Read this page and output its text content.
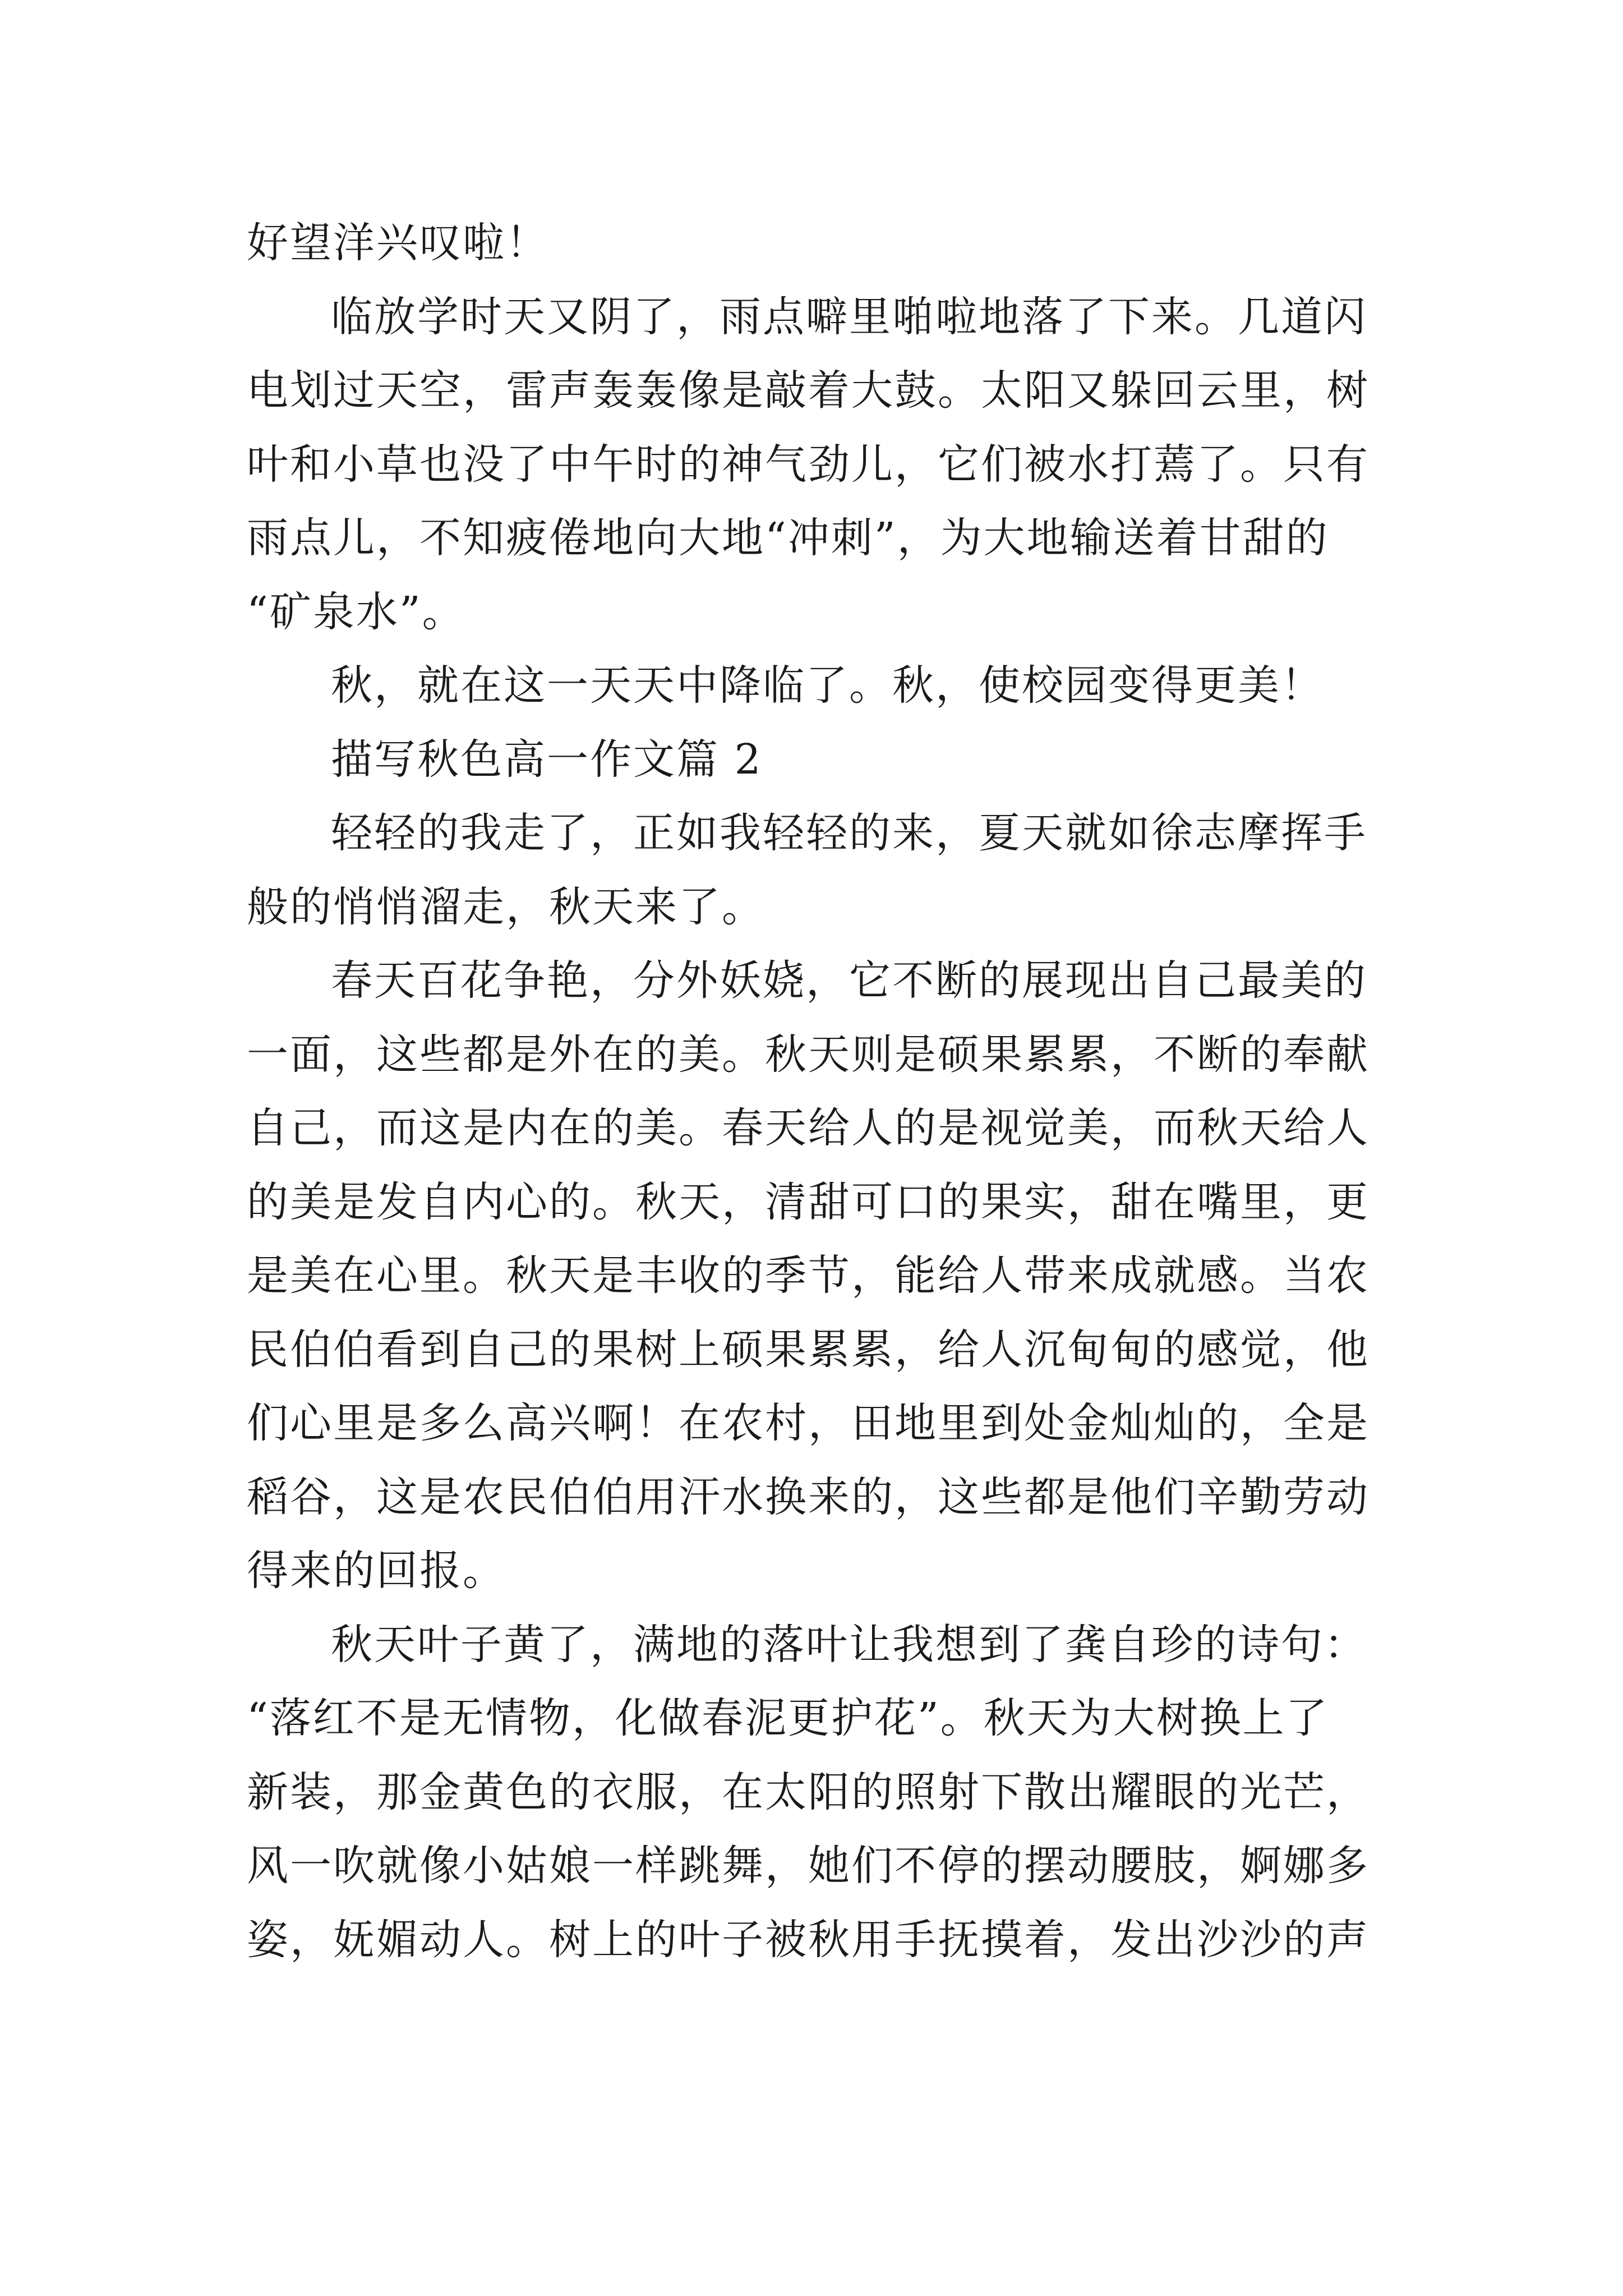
好望洋兴叹啦！
临放学时天又阴了，雨点噼里啪啦地落了下来。几道闪
电划过天空，雷声轰轰像是敲着大鼓。太阳又躲回云里，树
叶和小草也没了中午时的神气劲儿，它们被水打蔫了。只有
雨点儿，不知疲倦地向大地“冲刺”，为大地输送着甘甜的
“矿泉水”。
秋，就在这一天天中降临了。秋，使校园变得更美！
描写秋色高一作文篇 2
轻轻的我走了，正如我轻轻的来，夏天就如徐志摩挥手
般的悄悄溜走，秋天来了。
春天百花争艳，分外妖娆，它不断的展现出自己最美的
一面，这些都是外在的美。秋天则是硕果累累，不断的奉献
自己，而这是内在的美。春天给人的是视觉美，而秋天给人
的美是发自内心的。秋天，清甜可口的果实，甜在嘴里，更
是美在心里。秋天是丰收的季节，能给人带来成就感。当农
民伯伯看到自己的果树上硕果累累，给人沉甸甸的感觉，他
们心里是多么高兴啊！在农村，田地里到处金灿灿的，全是
稻谷，这是农民伯伯用汗水换来的，这些都是他们辛勤劳动
得来的回报。
秋天叶子黄了，满地的落叶让我想到了龚自珍的诗句：
“落红不是无情物，化做春泥更护花”。秋天为大树换上了
新装，那金黄色的衣服，在太阳的照射下散出耀眼的光芒，
风一吹就像小姑娘一样跳舞，她们不停的摆动腰肢，婀娜多
姿，妩媚动人。树上的叶子被秋用手抚摸着，发出沙沙的声
